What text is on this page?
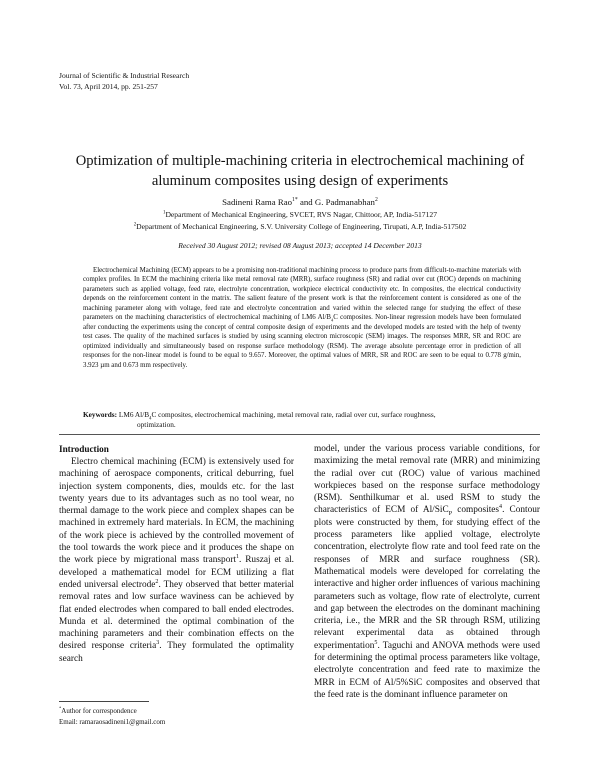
Journal of Scientific & Industrial Research
Vol. 73, April 2014, pp. 251-257
Optimization of multiple-machining criteria in electrochemical machining of
aluminum composites using design of experiments
Sadineni Rama Rao$^{1*}$ and G. Padmanabhan$^2$
$^1$Department of Mechanical Engineering, SVCET, RVS Nagar, Chittoor, AP, India-517127
$^2$Department of Mechanical Engineering, S.V. University College of Engineering, Tirupati, A.P, India-517502
Received 30 August 2012; revised 08 August 2013; accepted 14 December 2013
Electrochemical Machining (ECM) appears to be a promising non-traditional machining process to produce parts from difficult-to-machine materials with complex profiles. In ECM the machining criteria like metal removal rate (MRR), surface roughness (SR) and radial over cut (ROC) depends on machining parameters such as applied voltage, feed rate, electrolyte concentration, workpiece electrical conductivity etc. In composites, the electrical conductivity depends on the reinforcement content in the matrix. The salient feature of the present work is that the reinforcement content is considered as one of the machining parameter along with voltage, feed rate and electrolyte concentration and varied within the selected range for studying the effect of these parameters on the machining characteristics of electrochemical machining of LM6 $Al/B_4C$ composites. Non-linear regression models have been formulated after conducting the experiments using the concept of central composite design of experiments and the developed models are tested with the help of twenty test cases. The quality of the machined surfaces is studied by using scanning electron microscopic (SEM) images. The responses MRR, SR and ROC are optimized individually and simultaneously based on response surface methodology (RSM). The average absolute percentage error in prediction of all responses for the non-linear model is found to be equal to 9.657. Moreover, the optimal values of MRR, SR and ROC are seen to be equal to 0.778 g/min, 3.923 µm and 0.673 mm respectively.
Keywords: LM6 $Al/B_4C$ composites, electrochemical machining, metal removal rate, radial over cut, surface roughness,
optimization.
Introduction
Electro chemical machining (ECM) is extensively used for machining of aerospace components, critical deburring, fuel injection system components, dies, moulds etc. for the last twenty years due to its advantages such as no tool wear, no thermal damage to the work piece and complex shapes can be machined in extremely hard materials. In ECM, the machining of the work piece is achieved by the controlled movement of the tool towards the work piece and it produces the shape on the work piece by migrational mass transport$^1$. Ruszaj et al. developed a mathematical model for ECM utilizing a flat ended universal electrode$^2$. They observed that better material removal rates and low surface waviness can be achieved by flat ended electrodes when compared to ball ended electrodes. Munda et al. determined the optimal combination of the machining parameters and their combination effects on the desired response criteria$^3$. They formulated the optimality search
model, under the various process variable conditions, for maximizing the metal removal rate (MRR) and minimizing the radial over cut (ROC) value of various machined workpieces based on the response surface methodology (RSM). Senthilkumar et al. used RSM to study the characteristics of ECM of Al/SiC$_P$ composites$^4$. Contour plots were constructed by them, for studying effect of the process parameters like applied voltage, electrolyte concentration, electrolyte flow rate and tool feed rate on the responses of MRR and surface roughness (SR). Mathematical models were developed for correlating the interactive and higher order influences of various machining parameters such as voltage, flow rate of electrolyte, current and gap between the electrodes on the dominant machining criteria, i.e., the MRR and the SR through RSM, utilizing relevant experimental data as obtained through experimentation$^5$. Taguchi and ANOVA methods were used for determining the optimal process parameters like voltage, electrolyte concentration and feed rate to maximize the MRR in ECM of Al/5%SiC composites and observed that the feed rate is the dominant influence parameter on
*Author for correspondence
Email: ramaraosadineni1@gmail.com
